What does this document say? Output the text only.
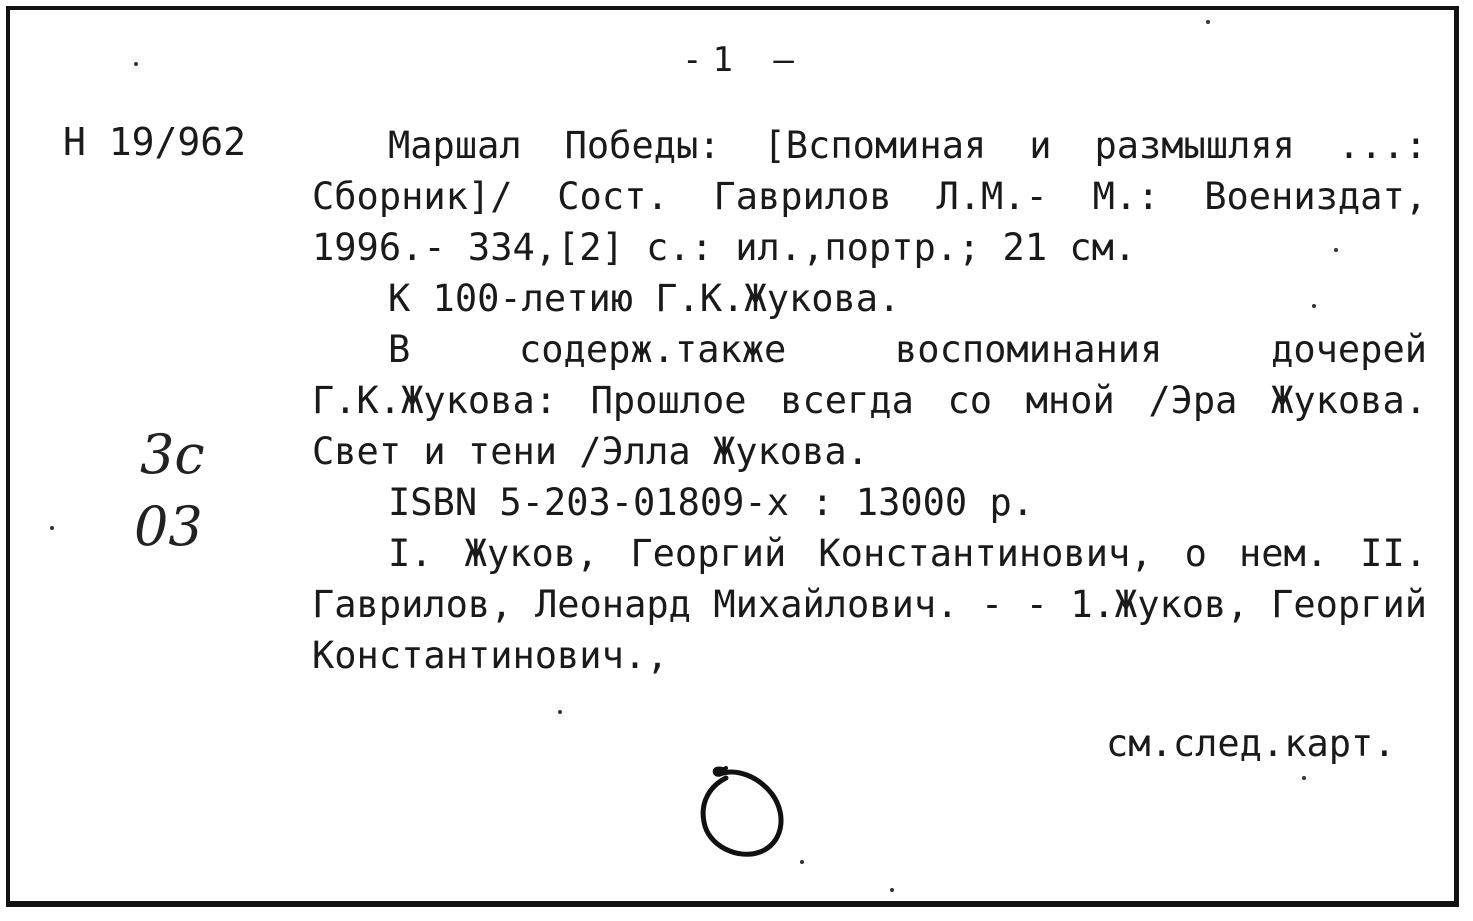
-1 —
Н 19/962	Маршал Победы: [Вспоминая и размышляя ...: Сборник]/ Сост. Гаврилов Л.М.- М.: Воениздат, 1996.- 334,[2] с.: ил.,портр.; 21 см.

К 100-летию Г.К.Жукова.

В содерж.также воспоминания дочерей Г.К.Жукова: Прошлое всегда со мной /Эра Жукова. Свет и тени /Элла Жукова.

ISBN 5-203-01809-х : 13000 р.

I. Жуков, Георгий Константинович, о нем. II. Гаврилов, Леонард Михайлович. - - 1.Жуков, Георгий Константинович.,

3с
03
см.след.карт.
